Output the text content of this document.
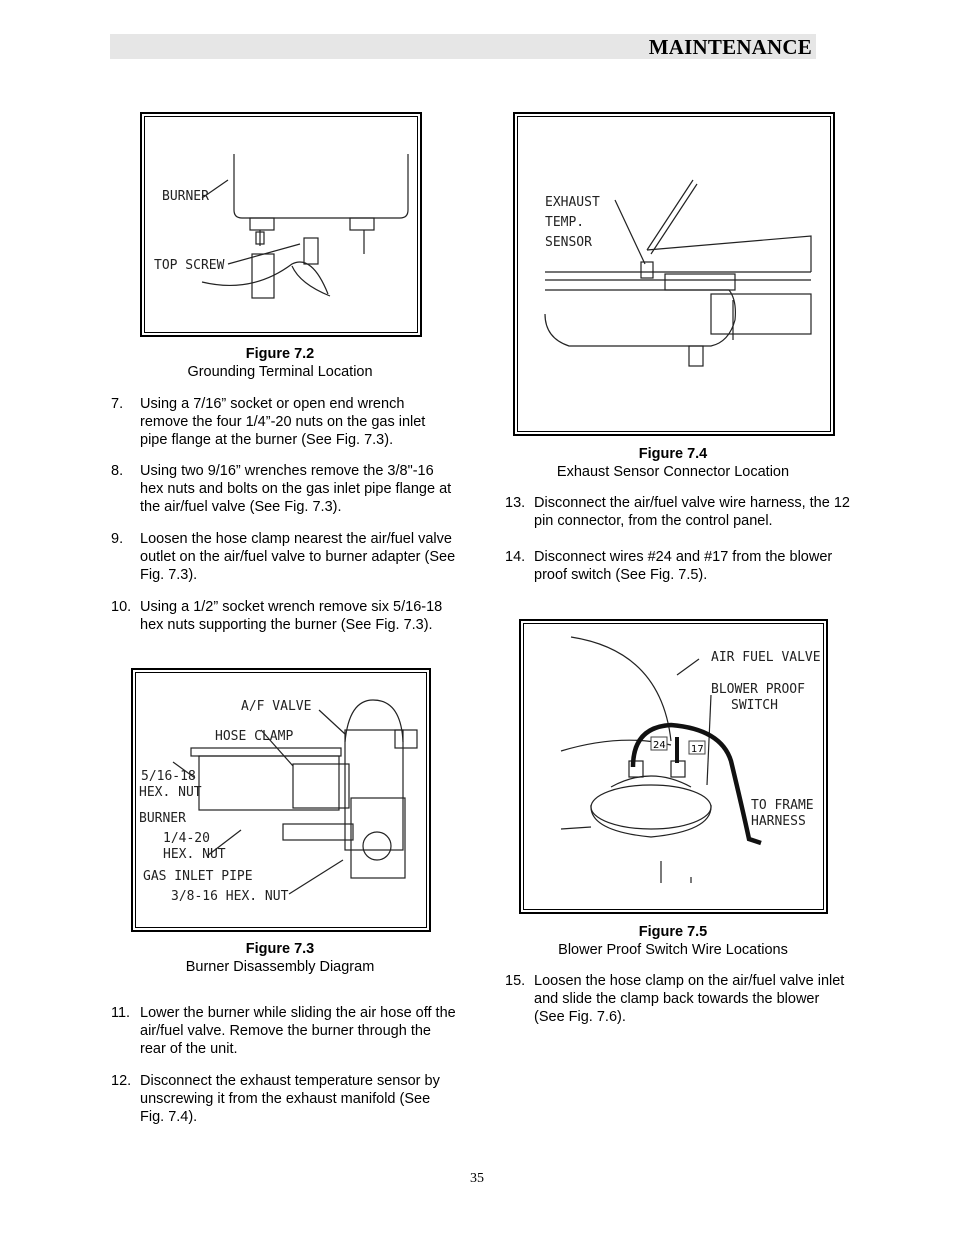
MAINTENANCE
BURNER
TOP SCREW
Figure 7.2
Grounding Terminal Location
A/F VALVE
HOSE CLAMP
5/16-18
HEX. NUT
BURNER
1/4-20
HEX. NUT
GAS INLET PIPE
3/8-16 HEX. NUT
Figure 7.3
Burner Disassembly Diagram
EXHAUST
TEMP.
SENSOR
Figure 7.4
Exhaust Sensor Connector Location
24	17
AIR FUEL VALVE
BLOWER PROOF
SWITCH
TO FRAME
HARNESS
Figure 7.5
Blower Proof Switch Wire Locations
7. Using a 7/16” socket or open end wrench remove the four 1/4”-20 nuts on the gas inlet pipe flange at the burner (See Fig. 7.3).
8. Using two 9/16” wrenches remove the 3/8"-16 hex nuts and bolts on the gas inlet pipe flange at the air/fuel valve (See Fig. 7.3).
9. Loosen the hose clamp nearest the air/fuel valve outlet on the air/fuel valve to burner adapter (See Fig. 7.3).
10. Using a 1/2” socket wrench remove six 5/16-18 hex nuts supporting the burner (See Fig. 7.3).
11. Lower the burner while sliding the air hose off the air/fuel valve. Remove the burner through the rear of the unit.
12. Disconnect the exhaust temperature sensor by unscrewing it from the exhaust manifold (See Fig. 7.4).
13. Disconnect the air/fuel valve wire harness, the 12 pin connector, from the control panel.
14. Disconnect wires #24 and #17 from the blower proof switch (See Fig. 7.5).
15. Loosen the hose clamp on the air/fuel valve inlet and slide the clamp back towards the blower (See Fig. 7.6).
35
